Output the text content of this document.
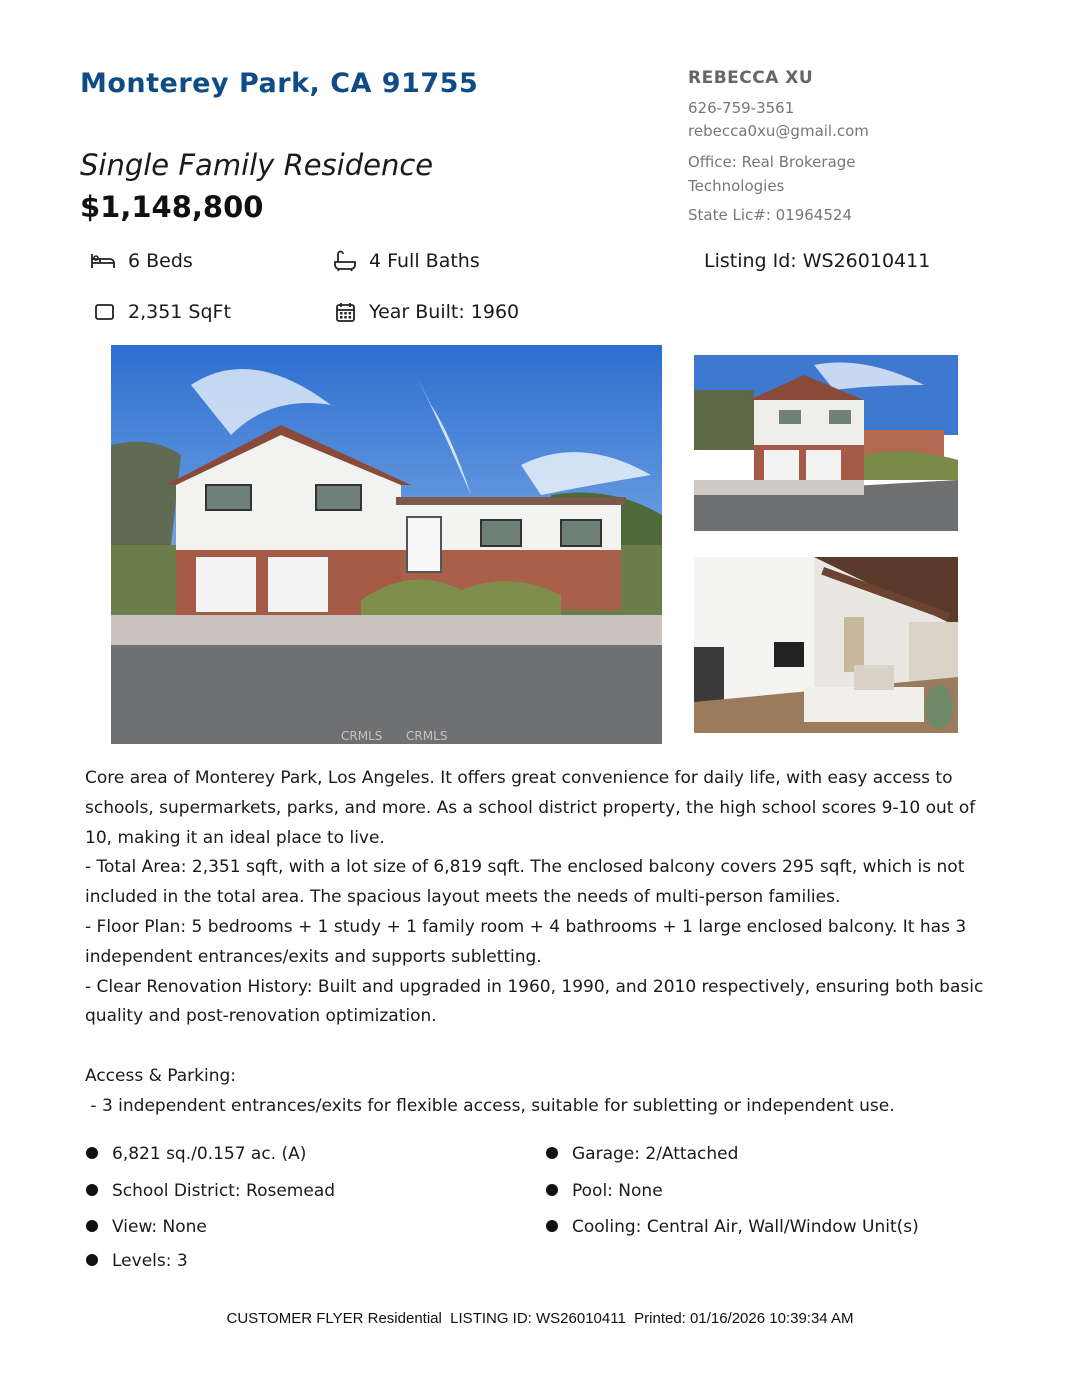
Monterey Park, CA 91755
Single Family Residence
$1,148,800
REBECCA XU
626-759-3561
rebecca0xu@gmail.com
Office: Real Brokerage Technologies
State Lic#: 01964524
6 Beds	4 Full Baths	Listing Id: WS26010411
2,351 SqFt	Year Built: 1960
CRMLS CRMLS

Core area of Monterey Park, Los Angeles. It offers great convenience for daily life, with easy access to schools, supermarkets, parks, and more. As a school district property, the high school scores 9-10 out of 10, making it an ideal place to live.

- Total Area: 2,351 sqft, with a lot size of 6,819 sqft. The enclosed balcony covers 295 sqft, which is not included in the total area. The spacious layout meets the needs of multi-person families.

- Floor Plan: 5 bedrooms + 1 study + 1 family room + 4 bathrooms + 1 large enclosed balcony. It has 3 independent entrances/exits and supports subletting.

- Clear Renovation History: Built and upgraded in 1960, 1990, and 2010 respectively, ensuring both basic quality and post-renovation optimization.

Access & Parking:

- 3 independent entrances/exits for flexible access, suitable for subletting or independent use.

6,821 sq./0.157 ac. (A)
School District: Rosemead
View: None
Levels: 3
Garage: 2/Attached
Pool: None
Cooling: Central Air, Wall/Window Unit(s)
CUSTOMER FLYER Residential  LISTING ID: WS26010411  Printed: 01/16/2026 10:39:34 AM
